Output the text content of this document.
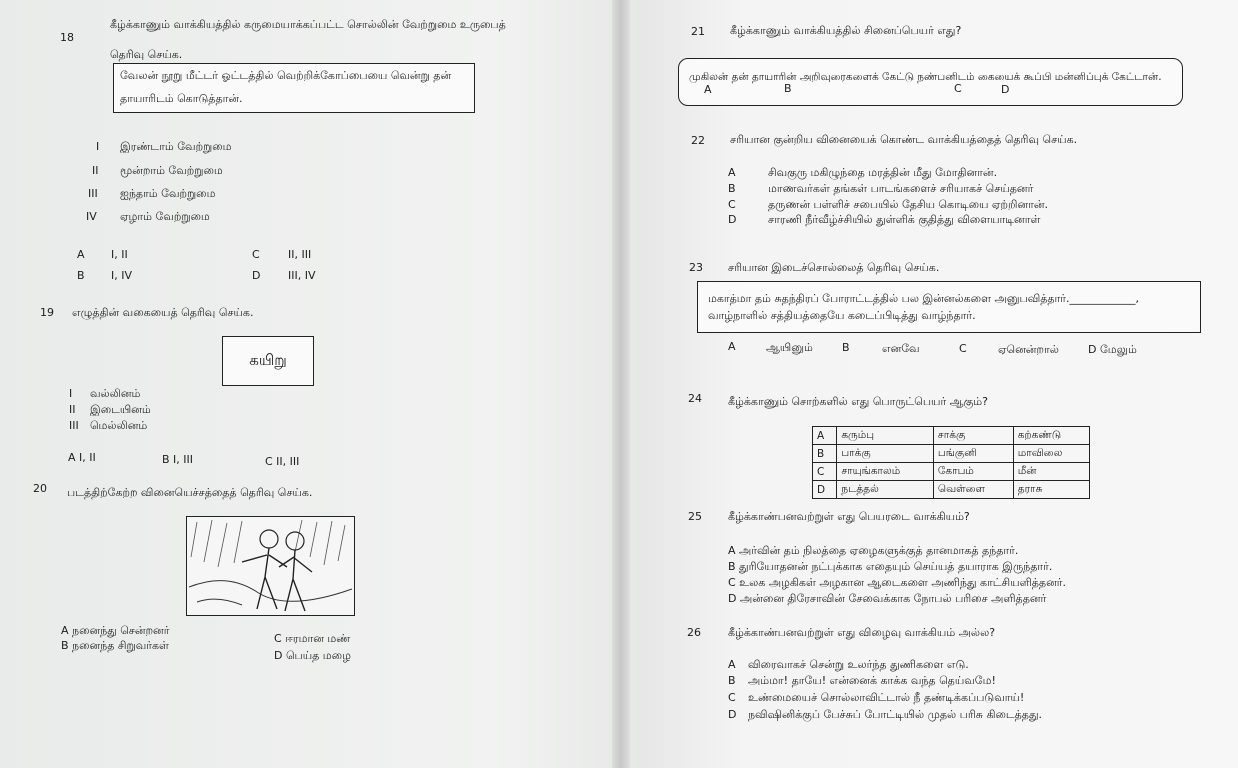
18
கீழ்க்காணும் வாக்கியத்தில் கருமையாக்கப்பட்ட சொல்லின் வேற்றுமை உருபைத்
தெரிவு செய்க.
வேலன் நூறு மீட்டர் ஓட்டத்தில் வெற்றிக்கோப்பையை வென்று தன்
தாயாரிடம் கொடுத்தான்.
I இரண்டாம் வேற்றுமை
II மூன்றாம் வேற்றுமை
III ஐந்தாம் வேற்றுமை
IV ஏழாம் வேற்றுமை
A I, II	C	II, III
B I, IV	D	III, IV
19 எழுத்தின் வகையைத் தெரிவு செய்க.
கயிறு
I வல்லினம்
II இடையினம்
III மெல்லினம்
A I, II	B I, III	C II, III
20 படத்திற்கேற்ற வினையெச்சத்தைத் தெரிவு செய்க.
A நனைந்து சென்றனர்
B நனைந்த சிறுவர்கள்
C ஈரமான மண்
D பெய்த மழை
21 கீழ்க்காணும் வாக்கியத்தில் சினைப்பெயர் எது?
முகிலன் தன் தாயாரின் அறிவுரைகளைக் கேட்டு நண்பனிடம் கையைக் கூப்பி மன்னிப்புக் கேட்டான்.
A	B	C	D
22 சரியான குன்றிய வினையைக் கொண்ட வாக்கியத்தைத் தெரிவு செய்க.
A	சிவகுரு மகிழுந்தை மரத்தின் மீது மோதினான்.
B	மாணவர்கள் தங்கள் பாடங்களைச் சரியாகச் செய்தனர்
C	தருணன் பள்ளிச் சபையில் தேசிய கொடியை ஏற்றினான்.
D	சாரணி நீர்வீழ்ச்சியில் துள்ளிக் குதித்து விளையாடினாள்
23 சரியான இடைச்சொல்லைத் தெரிவு செய்க.
மகாத்மா தம் சுதந்திரப் போராட்டத்தில் பல இன்னல்களை அனுபவித்தார்.____________,
வாழ்நாளில் சத்தியத்தையே கடைப்பிடித்து வாழ்ந்தார்.
A	ஆயினும்	B	எனவே	C	ஏனென்றால்	D மேலும்
24 கீழ்க்காணும் சொற்களில் எது பொருட்பெயர் ஆகும்?
A	கரும்பு	சாக்கு	கற்கண்டு
B	பாக்கு	பங்குனி	மாவிலை
C	சாயுங்காலம்	கோபம்	மீன்
D	நடத்தல்	வெள்ளை	தராசு
25 கீழ்க்காண்பனவற்றுள் எது பெயரடை வாக்கியம்?
A அர்வின் தம் நிலத்தை ஏழைகளுக்குத் தானமாகத் தந்தார்.
B துரியோதனன் நட்புக்காக எதையும் செய்யத் தயாராக இருந்தார்.
C உலக அழகிகள் அழகான ஆடைகளை அணிந்து காட்சியளித்தனர்.
D அன்னை திரேசாவின் சேவைக்காக நோபல் பரிசை அளித்தனர்
26 கீழ்க்காண்பனவற்றுள் எது விழைவு வாக்கியம் அல்ல?
A விரைவாகச் சென்று உலர்ந்த துணிகளை எடு.
B அம்மா! தாயே! என்னைக் காக்க வந்த தெய்வமே!
C உண்மையைச் சொல்லாவிட்டால் நீ தண்டிக்கப்படுவாய்!
D நவிஷினிக்குப் பேச்சுப் போட்டியில் முதல் பரிசு கிடைத்தது.
